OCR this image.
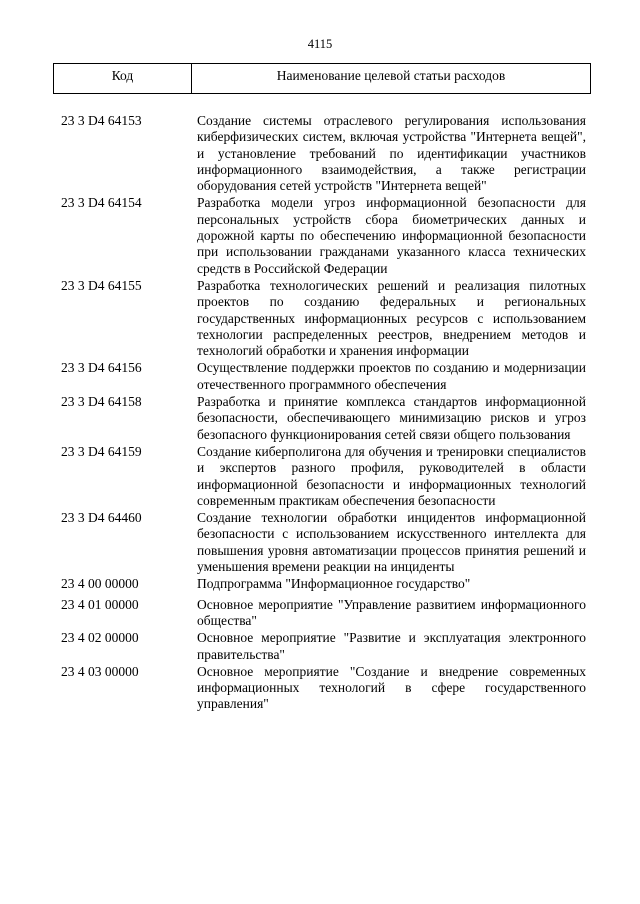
4115
Код	Наименование целевой статьи расходов
23 3 D4 64153	Создание системы отраслевого регулирования использования киберфизических систем, включая устройства "Интернета вещей", и установление требований по идентификации участников информационного взаимодействия, а также регистрации оборудования сетей устройств "Интернета вещей"
23 3 D4 64154	Разработка модели угроз информационной безопасности для персональных устройств сбора биометрических данных и дорожной карты по обеспечению информационной безопасности при использовании гражданами указанного класса технических средств в Российской Федерации
23 3 D4 64155	Разработка технологических решений и реализация пилотных проектов по созданию федеральных и региональных государственных информационных ресурсов с использованием технологии распределенных реестров, внедрением методов и технологий обработки и хранения информации
23 3 D4 64156	Осуществление поддержки проектов по созданию и модернизации отечественного программного обеспечения
23 3 D4 64158	Разработка и принятие комплекса стандартов информационной безопасности, обеспечивающего минимизацию рисков и угроз безопасного функционирования сетей связи общего пользования
23 3 D4 64159	Создание киберполигона для обучения и тренировки специалистов и экспертов разного профиля, руководителей в области информационной безопасности и информационных технологий современным практикам обеспечения безопасности
23 3 D4 64460	Создание технологии обработки инцидентов информационной безопасности с использованием искусственного интеллекта для повышения уровня автоматизации процессов принятия решений и уменьшения времени реакции на инциденты
23 4 00 00000	Подпрограмма "Информационное государство"
23 4 01 00000	Основное мероприятие "Управление развитием информационного общества"
23 4 02 00000	Основное мероприятие "Развитие и эксплуатация электронного правительства"
23 4 03 00000	Основное мероприятие "Создание и внедрение современных информационных технологий в сфере государственного управления"
